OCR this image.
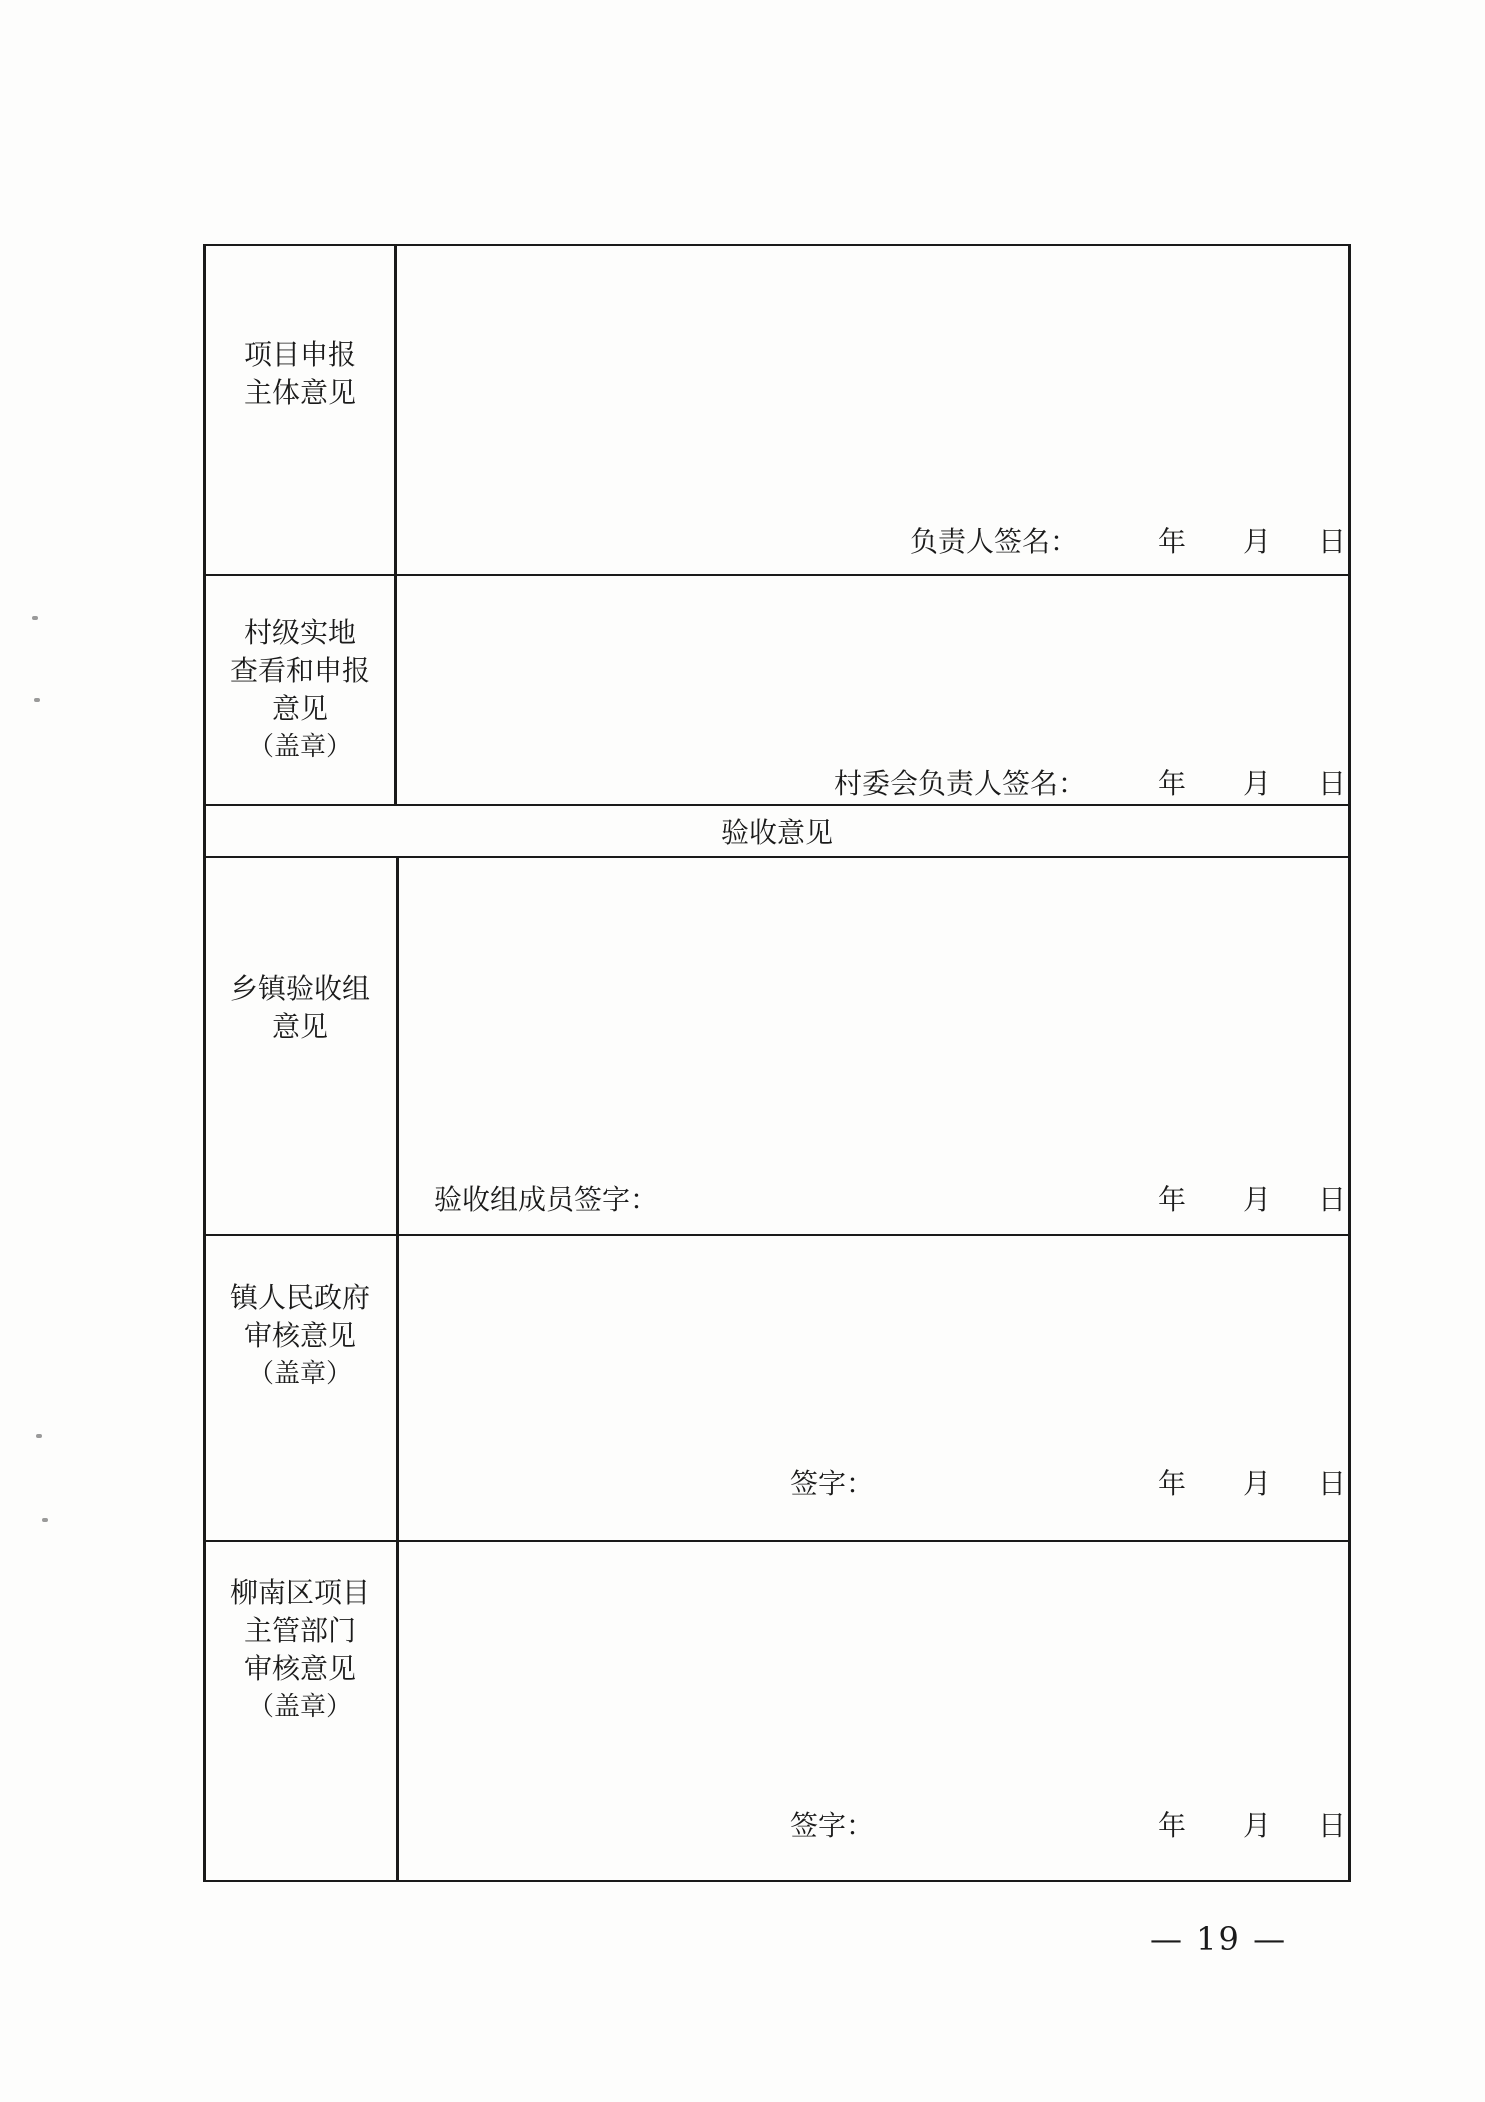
项目申报
主体意见
负责人签名：	年 月 日
村级实地
查看和申报
意见
（盖章）
村委会负责人签名：	年 月 日
验收意见
乡镇验收组
意见
验收组成员签字：	年 月 日
镇人民政府
审核意见
（盖章）
签字：	年 月 日
柳南区项目
主管部门
审核意见
（盖章）
签字：	年 月 日
— 19 —
